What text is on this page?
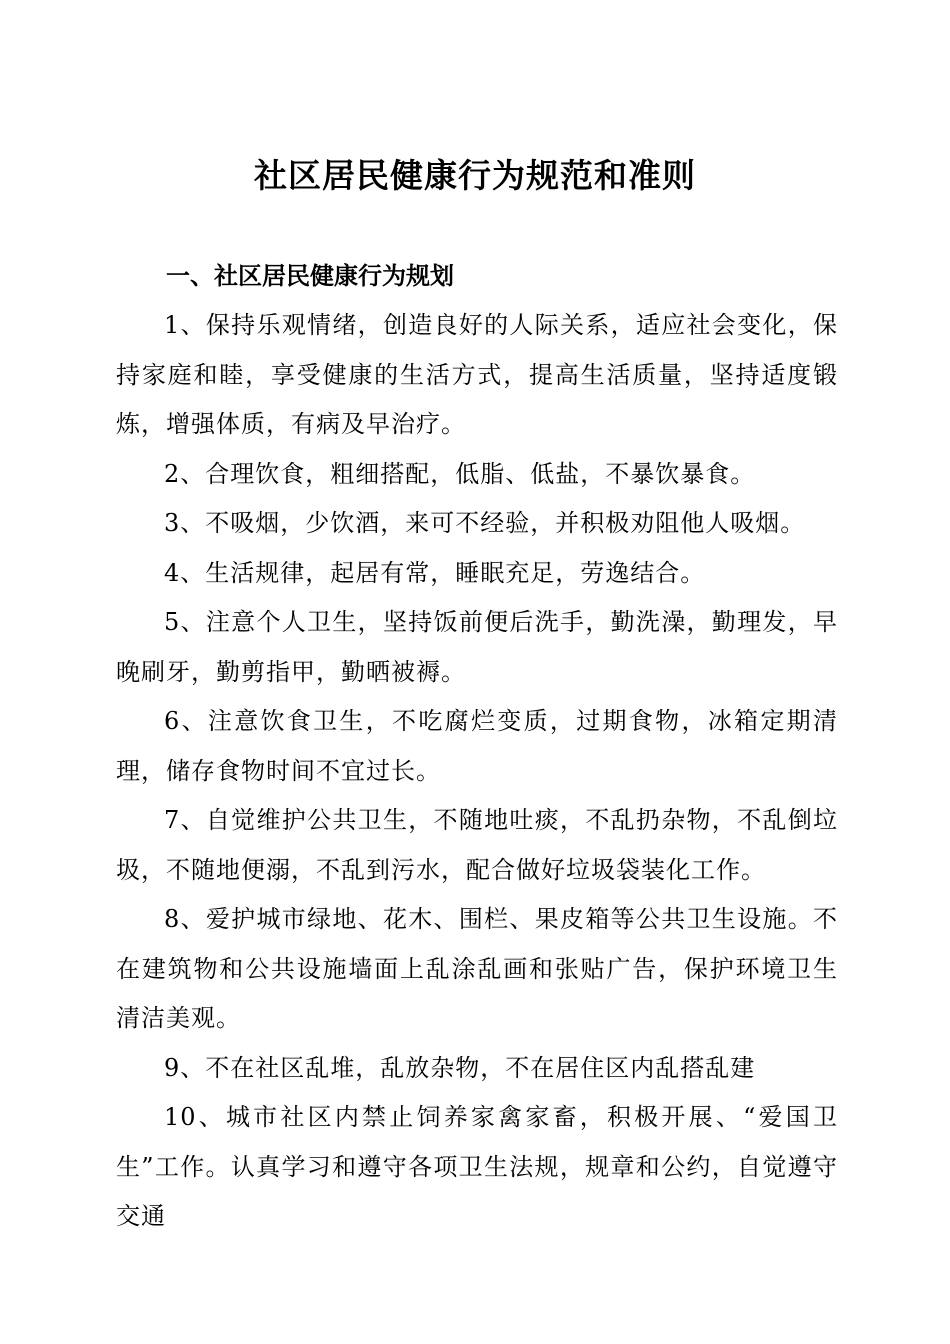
社区居民健康行为规范和准则
一、社区居民健康行为规划

1、保持乐观情绪，创造良好的人际关系，适应社会变化，保持家庭和睦，享受健康的生活方式，提高生活质量，坚持适度锻炼，增强体质，有病及早治疗。

2、合理饮食，粗细搭配，低脂、低盐，不暴饮暴食。

3、不吸烟，少饮酒，来可不经验，并积极劝阻他人吸烟。

4、生活规律，起居有常，睡眠充足，劳逸结合。

5、注意个人卫生，坚持饭前便后洗手，勤洗澡，勤理发，早晚刷牙，勤剪指甲，勤晒被褥。

6、注意饮食卫生，不吃腐烂变质，过期食物，冰箱定期清理，储存食物时间不宜过长。

7、自觉维护公共卫生，不随地吐痰，不乱扔杂物，不乱倒垃圾，不随地便溺，不乱到污水，配合做好垃圾袋装化工作。

8、爱护城市绿地、花木、围栏、果皮箱等公共卫生设施。不在建筑物和公共设施墙面上乱涂乱画和张贴广告，保护环境卫生清洁美观。

9、不在社区乱堆，乱放杂物，不在居住区内乱搭乱建

10、城市社区内禁止饲养家禽家畜，积极开展、“爱国卫生”工作。认真学习和遵守各项卫生法规，规章和公约，自觉遵守交通
